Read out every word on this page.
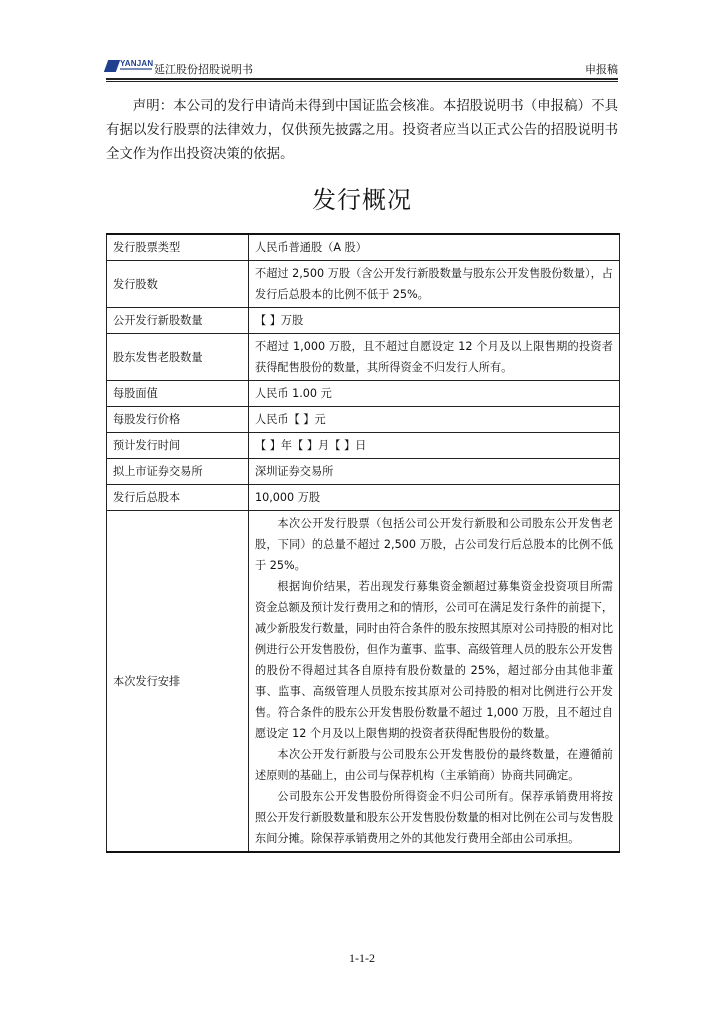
YANJAN 延江股份招股说明书	申报稿

声明：本公司的发行申请尚未得到中国证监会核准。本招股说明书（申报稿）不具有据以发行股票的法律效力，仅供预先披露之用。投资者应当以正式公告的招股说明书全文作为作出投资决策的依据。

发行概况
发行股票类型	人民币普通股（A 股）

发行股数	不超过 2,500 万股（含公开发行新股数量与股东公开发售股份数量），占发行后总股本的比例不低于 25%。

公开发行新股数量	【 】万股

股东发售老股数量	不超过 1,000 万股，且不超过自愿设定 12 个月及以上限售期的投资者获得配售股份的数量，其所得资金不归发行人所有。

每股面值	人民币 1.00 元

每股发行价格	人民币【 】元

预计发行时间	【 】年【 】月【 】日

拟上市证券交易所	深圳证券交易所

发行后总股本	10,000 万股

本次发行安排	本次公开发行股票（包括公司公开发行新股和公司股东公开发售老股，下同）的总量不超过 2,500 万股，占公司发行后总股本的比例不低于 25%。

根据询价结果，若出现发行募集资金额超过募集资金投资项目所需资金总额及预计发行费用之和的情形，公司可在满足发行条件的前提下，减少新股发行数量，同时由符合条件的股东按照其原对公司持股的相对比例进行公开发售股份，但作为董事、监事、高级管理人员的股东公开发售的股份不得超过其各自原持有股份数量的 25%，超过部分由其他非董事、监事、高级管理人员股东按其原对公司持股的相对比例进行公开发售。符合条件的股东公开发售股份数量不超过 1,000 万股，且不超过自愿设定 12 个月及以上限售期的投资者获得配售股份的数量。

本次公开发行新股与公司股东公开发售股份的最终数量，在遵循前述原则的基础上，由公司与保荐机构（主承销商）协商共同确定。

公司股东公开发售股份所得资金不归公司所有。保荐承销费用将按照公开发行新股数量和股东公开发售股份数量的相对比例在公司与发售股东间分摊。除保荐承销费用之外的其他发行费用全部由公司承担。

1-1-2
